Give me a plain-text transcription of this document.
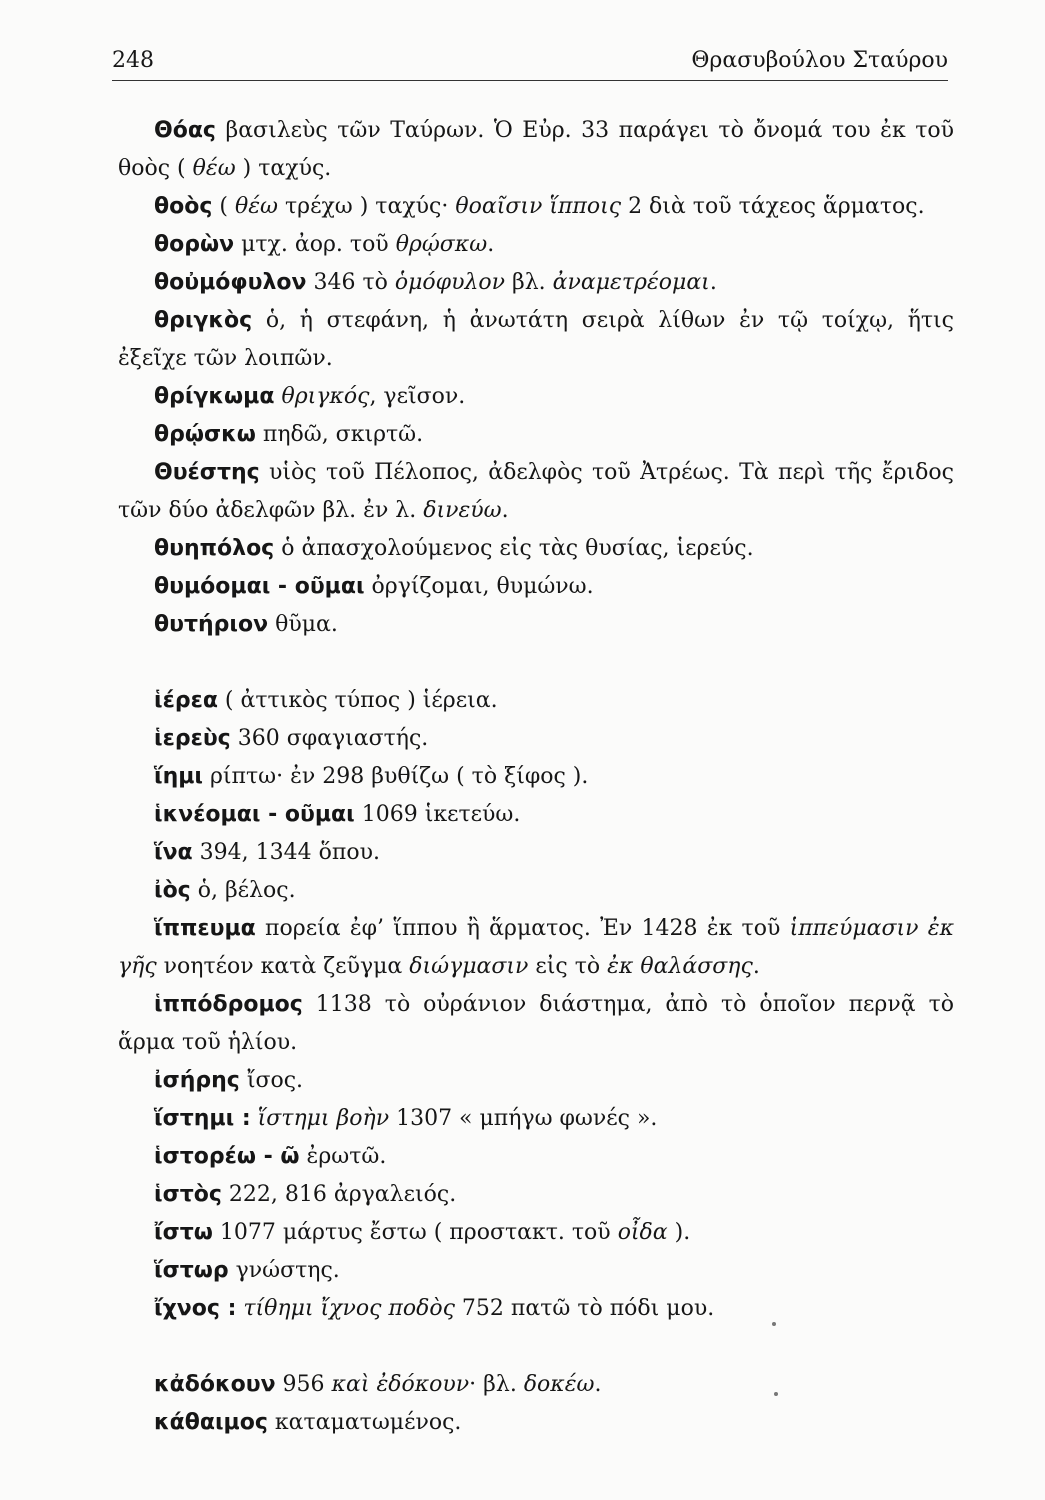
248	Θρασυβούλου Σταύρου

Θόας βασιλεὺς τῶν Ταύρων. Ὁ Εὐρ. 33 παράγει τὸ ὄνομά του ἐκ τοῦ θοὸς ( θέω ) ταχύς.

θοὸς ( θέω τρέχω ) ταχύς· θοαῖσιν ἵπποις 2 διὰ τοῦ τάχεος ἅρματος.

θορὼν μτχ. ἀορ. τοῦ θρῴσκω.

θοὐμόφυλον 346 τὸ ὁμόφυλον βλ. ἀναμετρέομαι.

θριγκὸς ὁ, ἡ στεφάνη, ἡ ἀνωτάτη σειρὰ λίθων ἐν τῷ τοίχῳ, ἥτις ἐξεῖχε τῶν λοιπῶν.

θρίγκωμα θριγκός, γεῖσον.

θρῴσκω πηδῶ, σκιρτῶ.

Θυέστης υἱὸς τοῦ Πέλοπος, ἀδελφὸς τοῦ Ἀτρέως. Τὰ περὶ τῆς ἔριδος τῶν δύο ἀδελφῶν βλ. ἐν λ. δινεύω.

θυηπόλος ὁ ἀπασχολούμενος εἰς τὰς θυσίας, ἱερεύς.

θυμόομαι - οῦμαι ὀργίζομαι, θυμώνω.

θυτήριον θῦμα.

ἱέρεα ( ἀττικὸς τύπος ) ἱέρεια.

ἱερεὺς 360 σφαγιαστής.

ἵημι ρίπτω· ἐν 298 βυθίζω ( τὸ ξίφος ).

ἱκνέομαι - οῦμαι 1069 ἱκετεύω.

ἵνα 394, 1344 ὅπου.

ἰὸς ὁ, βέλος.

ἵππευμα πορεία ἐφ’ ἵππου ἢ ἅρματος. Ἐν 1428 ἐκ τοῦ ἱππεύμασιν ἐκ γῆς νοητέον κατὰ ζεῦγμα διώγμασιν εἰς τὸ ἐκ θαλάσσης.

ἱππόδρομος 1138 τὸ οὐράνιον διάστημα, ἀπὸ τὸ ὁποῖον περνᾷ τὸ ἅρμα τοῦ ἡλίου.

ἰσήρης ἴσος.

ἵστημι : ἵστημι βοὴν 1307 « μπήγω φωνές ».

ἱστορέω - ῶ ἐρωτῶ.

ἱστὸς 222, 816 ἀργαλειός.

ἴστω 1077 μάρτυς ἔστω ( προστακτ. τοῦ οἶδα ).

ἵστωρ γνώστης.

ἴχνος : τίθημι ἴχνος ποδὸς 752 πατῶ τὸ πόδι μου.

κἀδόκουν 956 καὶ ἐδόκουν· βλ. δοκέω.

κάθαιμος καταματωμένος.
